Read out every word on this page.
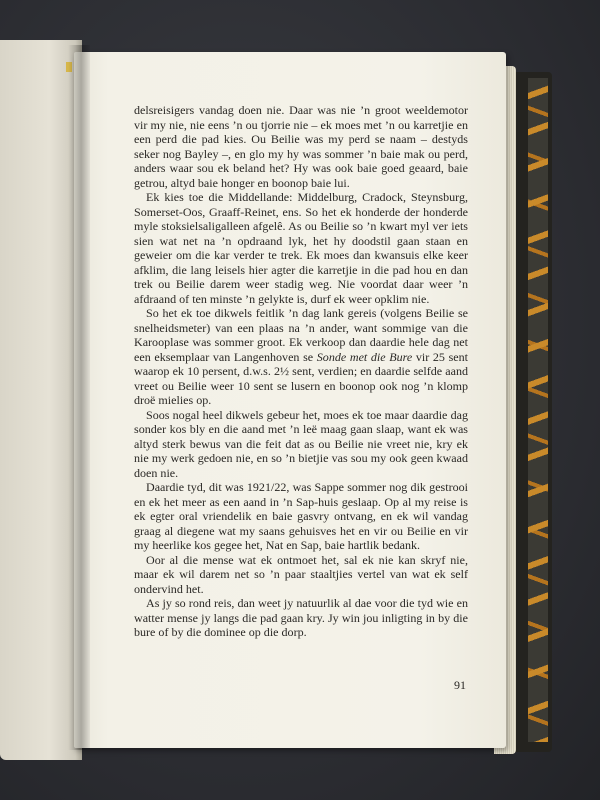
delsreisigers vandag doen nie. Daar was nie ’n groot weeldemotor vir my nie, nie eens ’n ou tjorrie nie – ek moes met ’n ou karretjie en een perd die pad kies. Ou Beilie was my perd se naam – destyds seker nog Bayley –, en glo my hy was sommer ’n baie mak ou perd, anders waar sou ek beland het? Hy was ook baie goed geaard, baie getrou, altyd baie honger en boonop baie lui.

Ek kies toe die Middellande: Middelburg, Cradock, Steynsburg, Somerset-Oos, Graaff-Reinet, ens. So het ek honderde der honderde myle stoksielsaligalleen afgelê. As ou Beilie so ’n kwart myl ver iets sien wat net na ’n opdraand lyk, het hy doodstil gaan staan en geweier om die kar verder te trek. Ek moes dan kwansuis elke keer afklim, die lang leisels hier agter die karretjie in die pad hou en dan trek ou Beilie darem weer stadig weg. Nie voordat daar weer ’n afdraand of ten minste ’n gelykte is, durf ek weer opklim nie.

So het ek toe dikwels feitlik ’n dag lank gereis (volgens Beilie se snelheidsmeter) van een plaas na ’n ander, want sommige van die Karooplase was sommer groot. Ek verkoop dan daardie hele dag net een eksemplaar van Langenhoven se Sonde met die Bure vir 25 sent waarop ek 10 persent, d.w.s. 2½ sent, verdien; en daardie selfde aand vreet ou Beilie weer 10 sent se lusern en boonop ook nog ’n klomp droë mielies op.

Soos nogal heel dikwels gebeur het, moes ek toe maar daardie dag sonder kos bly en die aand met ’n leë maag gaan slaap, want ek was altyd sterk bewus van die feit dat as ou Beilie nie vreet nie, kry ek nie my werk gedoen nie, en so ’n bietjie vas sou my ook geen kwaad doen nie.

Daardie tyd, dit was 1921/22, was Sappe sommer nog dik gestrooi en ek het meer as een aand in ’n Sap-huis geslaap. Op al my reise is ek egter oral vriendelik en baie gasvry ontvang, en ek wil vandag graag al diegene wat my saans gehuisves het en vir ou Beilie en vir my heerlike kos gegee het, Nat en Sap, baie hartlik bedank.

Oor al die mense wat ek ontmoet het, sal ek nie kan skryf nie, maar ek wil darem net so ’n paar staaltjies vertel van wat ek self ondervind het.

As jy so rond reis, dan weet jy natuurlik al dae voor die tyd wie en watter mense jy langs die pad gaan kry. Jy win jou inligting in by die bure of by die dominee op die dorp.

91
